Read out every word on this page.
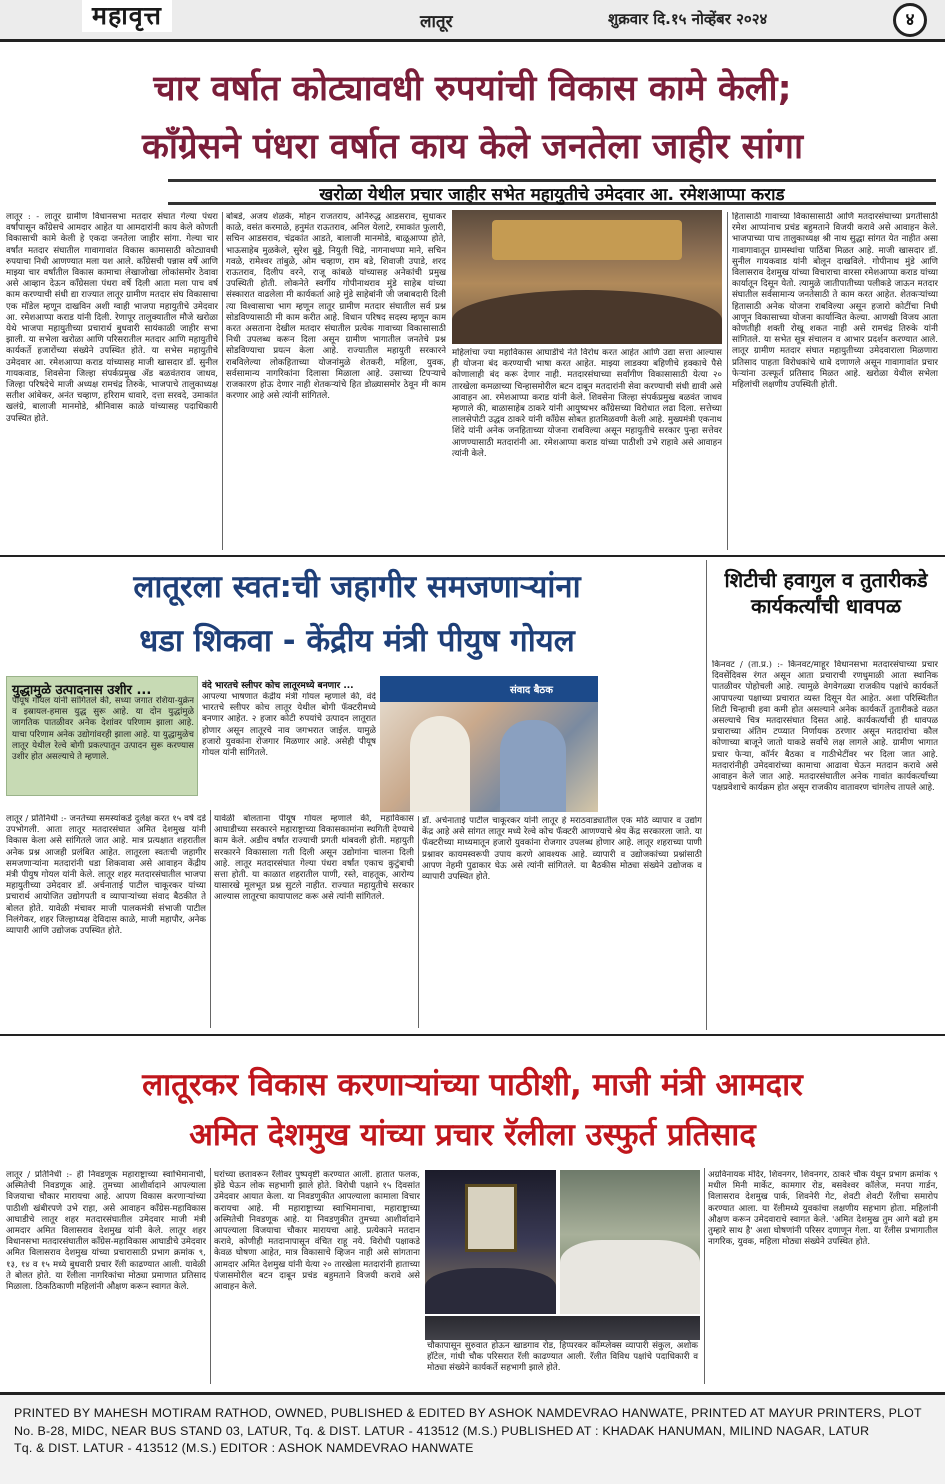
महावृत्त	लातूर	शुक्रवार दि.१५ नोव्हेंबर २०२४	४
चार वर्षात कोट्यावधी रुपयांची विकास कामे केली;
काँग्रेसने पंधरा वर्षात काय केले जनतेला जाहीर सांगा
खरोळा येथील प्रचार जाहीर सभेत महायुतीचे उमेदवार आ. रमेशआप्पा कराड
लातूर : - लातूर ग्रामीण विधानसभा मतदार संघात गेल्या पंधरा वर्षांपासून काँग्रेसचे आमदार आहेत या आमदारांनी काय केले कोणती विकासाची कामे केली हे एकदा जनतेला जाहीर सांगा. गेल्या चार वर्षांत मतदार संघातील गावागावांत विकास कामासाठी कोट्यावधी रुपयाचा निधी आणण्यात मला यश आले. काँग्रेसची पन्नास वर्षे आणि माझ्या चार वर्षांतील विकास कामाचा लेखाजोखा लोकांसमोर ठेवावा असे आव्हान देऊन काँग्रेसला पंधरा वर्षे दिली आता मला पाच वर्ष काम करण्याची संधी द्या राज्यात लातूर ग्रामीण मतदार संघ विकासाचा एक मॉडेल म्हणून दाखविन अशी ग्वाही भाजपा महायुतीचे उमेदवार आ. रमेशआप्पा कराड यांनी दिली. रेणापूर तालुक्यातील मौजे खरोळा येथे भाजपा महायुतीच्या प्रचारार्थ बुधवारी सायंकाळी जाहीर सभा झाली. या सभेला खरोळा आणि परिसरातील मतदार आणि महायुतीचे कार्यकर्ते हजारोंच्या संख्येने उपस्थित होते. या सभेस महायुतीचे उमेदवार आ. रमेशआप्पा कराड यांच्यासह माजी खासदार डॉ. सुनील गायकवाड, शिवसेना जिल्हा संपर्कप्रमुख ॲड बळवंतराव जाधव, जिल्हा परिषदेचे माजी अध्यक्ष रामचंद्र तिरुके, भाजपाचे तालुकाध्यक्ष सतीश आंबेकर, अनंत चव्हाण, हरिराम धावारे, दत्ता सरवदे, उमाकांत खलंग्रे, बालाजी मानमोडे, श्रीनिवास काळे यांच्यासह पदाधिकारी उपस्थित होते.
बोबडे, अजय शेळके, मोहन राजतराय, अनिरुद्ध आडसराव, सुधाकर काळे, वसंत करमाळे, हनुमंत राऊतराव, अनिल येलाटे, रमाकांत फुलारी, सचिन आडसराव, चंद्रकांत आडते, बालाजी मानमोडे, बाळूआप्पा होते, भाऊसाहेब मुळकेले, सुरेश बुड्डे, नियुती चिद्रे, नागनाथप्पा माने, सचिन गवळे, रामेश्वर तांबुळे, ओम चव्हाण, राम बडे, शिवाजी उपाडे, शरद राऊतराव, दिलीप वरने, राजू कांबळे यांच्यासह अनेकांची प्रमुख उपस्थिती होती. लोकनेते स्वर्गीय गोपीनाथराव मुंडे साहेब यांच्या संस्कारात वाढलेला मी कार्यकर्ता आहे मुंडे साहेबांनी जी जबाबदारी दिली त्या विश्वासाचा भाग म्हणून लातूर ग्रामीण मतदार संघातील सर्व प्रश्न सोडविण्यासाठी मी काम करीत आहे. विधान परिषद सदस्य म्हणून काम करत असताना देखील मतदार संघातील प्रत्येक गावाच्या विकासासाठी निधी उपलब्ध करून दिला असून ग्रामीण भागातील जनतेचे प्रश्न सोडविण्याचा प्रयत्न केला आहे. राज्यातील महायुती सरकारने राबविलेल्या लोकहिताच्या योजनांमुळे शेतकरी, महिला, युवक, सर्वसामान्य नागरिकांना दिलासा मिळाला आहे. उसाच्या टिपऱ्याचे राजकारण हाेऊ देणार नाही शेतकऱ्यांचे हित डोळ्यासमोर ठेवून मी काम करणार आहे असे त्यांनी सांगितले.
महिलांचा ज्या महाविकास आघाडीचे नेते विरोध करत आहेत आणि उद्या सत्ता आल्यास ही योजना बंद करण्याची भाषा करत आहेत. माझ्या लाडक्या बहिणीचे हक्काचे पैसे कोणालाही बंद करू देणार नाही. मतदारसंघाच्या सर्वांगीण विकासासाठी येत्या २० तारखेला कमळाच्या चिन्हासमोरील बटन दाबून मतदारांनी सेवा करण्याची संधी द्यावी असे आवाहन आ. रमेशआप्पा कराड यांनी केले. शिवसेना जिल्हा संपर्कप्रमुख बळवंत जाधव म्हणाले की, बाळासाहेब ठाकरे यांनी आयुष्यभर काँग्रेसच्या विरोधात लढा दिला. सत्तेच्या लालसेपोटी उद्धव ठाकरे यांनी काँग्रेस सोबत हातमिळवणी केली आहे. मुख्यमंत्री एकनाथ शिंदे यांनी अनेक जनहिताच्या योजना राबविल्या असून महायुतीचे सरकार पुन्हा सत्तेवर आणण्यासाठी मतदारांनी आ. रमेशआप्पा कराड यांच्या पाठीशी उभे राहावे असे आवाहन त्यांनी केले.
हितासाठी गावाच्या विकासासाठी आणि मतदारसंघाच्या प्रगतीसाठी रमेश आप्पांनाच प्रचंड बहुमताने विजयी करावे असे आवाहन केले. भाजपाच्या पाच तालुकाध्यक्ष श्री नाथ सुद्धा सांगत येत नाहीत असा गावागावातून ग्रामस्थांचा पाठिंबा मिळत आहे. माजी खासदार डॉ. सुनील गायकवाड यांनी बोलून दाखविले. गोपीनाथ मुंडे आणि विलासराव देशमुख यांच्या विचाराचा वारसा रमेशआप्पा कराड यांच्या कार्यातून दिसून येतो. त्यामुळे जातीपातीच्या पलीकडे जाऊन मतदार संघातील सर्वसामान्य जनतेसाठी ते काम करत आहेत. शेतकऱ्यांच्या हितासाठी अनेक योजना राबविल्या असून हजारो कोटींचा निधी आणून विकासाच्या योजना कार्यान्वित केल्या. आणखी विजय आता कोणतीही शक्ती रोखू शकत नाही असे रामचंद्र तिरुके यांनी सांगितले. या सभेत सूत्र संचालन व आभार प्रदर्शन करण्यात आले. लातूर ग्रामीण मतदार संघात महायुतीच्या उमेदवाराला मिळणारा प्रतिसाद पाहता विरोधकांचे धाबे दणाणले असून गावागावांत प्रचार फेऱ्यांना उत्स्फूर्त प्रतिसाद मिळत आहे. खरोळा येथील सभेला महिलांची लक्षणीय उपस्थिती होती.
लातूरला स्वत:ची जहागीर समजणाऱ्यांना
धडा शिकवा - केंद्रीय मंत्री पीयुष गोयल
शिटीची हवागुल व तुतारीकडे कार्यकर्त्यांची धावपळ
किनवट / (ता.प्र.) :- किनवट/माहूर विधानसभा मतदारसंघाच्या प्रचार दिवसेंदिवस रंगत असून आता प्रचाराची रणधुमाळी आता स्थानिक पातळीवर पोहोचली आहे. त्यामुळे वेगवेगळ्या राजकीय पक्षांचे कार्यकर्ते आपापल्या पक्षाच्या प्रचारात व्यस्त दिसून येत आहेत. अशा परिस्थितीत शिटी चिन्हाची हवा कमी होत असल्याने अनेक कार्यकर्ते तुतारीकडे वळत असल्याचे चित्र मतदारसंघात दिसत आहे. कार्यकर्त्यांची ही धावपळ प्रचाराच्या अंतिम टप्प्यात निर्णायक ठरणार असून मतदारांचा कौल कोणाच्या बाजूने जातो याकडे सर्वांचे लक्ष लागले आहे. ग्रामीण भागात प्रचार फेऱ्या, कॉर्नर बैठका व गाठीभेटींवर भर दिला जात आहे. मतदारांनीही उमेदवारांच्या कामाचा आढावा घेऊन मतदान करावे असे आवाहन केले जात आहे. मतदारसंघातील अनेक गावांत कार्यकर्त्यांच्या पक्षप्रवेशाचे कार्यक्रम होत असून राजकीय वातावरण चांगलेच तापले आहे.
युद्धामुळे उत्पादनास उशीर ...
पीयूष गोयल यांनी सांगितले की, सध्या जगात रशिया-युक्रेन व इस्रायल-हमास युद्ध सुरू आहे. या दोन युद्धांमुळे जागतिक पातळीवर अनेक देशांवर परिणाम झाला आहे. याचा परिणाम अनेक उद्योगांवरही झाला आहे. या युद्धामुळेच लातूर येथील रेल्वे बोगी प्रकल्पातून उत्पादन सुरू करण्यास उशीर होत असल्याचे ते म्हणाले.
वंदे भारतचे स्लीपर कोच लातूरमध्ये बनणार ...
आपल्या भाषणात केंद्रीय मंत्री गोयल म्हणाले की, वंदे भारतचे स्लीपर कोच लातूर येथील बोगी फॅक्टरीमध्ये बनणार आहेत. २ हजार कोटी रुपयांचे उत्पादन लातूरात होणार असून लातूरचे नाव जगभरात जाईल. यामुळे हजारो युवकांना रोजगार मिळणार आहे. असेही पीयूष गोयल यांनी सांगितले.
संवाद बैठक
लातूर / प्रतिनिधी :- जनतेच्या समस्यांकडे दुर्लक्ष करत १५ वर्ष दडे उपभोगली. आता लातूर मतदारसंघात अमित देशमुख यांनी विकास केला असे सांगितले जात आहे. मात्र प्रत्यक्षात शहरातील अनेक प्रश्न आजही प्रलंबित आहेत. लातूरला स्वतःची जहागीर समजणाऱ्यांना मतदारांनी धडा शिकवावा असे आवाहन केंद्रीय मंत्री पीयुष गोयल यांनी केले. लातूर शहर मतदारसंघातील भाजपा महायुतीच्या उमेदवार डॉ. अर्चनाताई पाटील चाकूरकर यांच्या प्रचारार्थ आयोजित उद्योगपती व व्यापाऱ्यांच्या संवाद बैठकीत ते बोलत होते. यावेळी मंचावर माजी पालकमंत्री संभाजी पाटील निलंगेकर, शहर जिल्हाध्यक्ष देविदास काळे, माजी महापौर, अनेक व्यापारी आणि उद्योजक उपस्थित होते.
यावेळी बोलताना पीयूष गोयल म्हणाले की, महाविकास आघाडीच्या सरकारने महाराष्ट्राच्या विकासकामांना स्थगिती देण्याचे काम केले. अडीच वर्षांत राज्याची प्रगती थांबवली होती. महायुती सरकारने विकासाला गती दिली असून उद्योगांना चालना दिली आहे. लातूर मतदारसंघात गेल्या पंधरा वर्षांत एकाच कुटुंबाची सत्ता होती. या काळात शहरातील पाणी, रस्ते, वाहतूक, आरोग्य यासारखे मूलभूत प्रश्न सुटले नाहीत. राज्यात महायुतीचे सरकार आल्यास लातूरचा कायापालट करू असे त्यांनी सांगितले.
डॉ. अर्चनाताई पाटील चाकूरकर यांनी लातूर हे मराठवाड्यातील एक मोठे व्यापार व उद्योग केंद्र आहे असे सांगत लातूर मध्ये रेल्वे कोच फॅक्टरी आणण्याचे श्रेय केंद्र सरकारला जाते. या फॅक्टरीच्या माध्यमातून हजारो युवकांना रोजगार उपलब्ध होणार आहे. लातूर शहराच्या पाणी प्रश्नावर कायमस्वरूपी उपाय करणे आवश्यक आहे. व्यापारी व उद्योजकांच्या प्रश्नांसाठी आपण नेहमी पुढाकार घेऊ असे त्यांनी सांगितले. या बैठकीस मोठ्या संख्येने उद्योजक व व्यापारी उपस्थित होते.
लातूरकर विकास करणाऱ्यांच्या पाठीशी, माजी मंत्री आमदार
अमित देशमुख यांच्या प्रचार रॅलीला उस्फुर्त प्रतिसाद
लातूर / प्रतिनिधी :- ही निवडणूक महाराष्ट्राच्या स्वाभिमानाची, अस्मितेची निवडणूक आहे. तुमच्या आशीर्वादाने आपल्याला विजयाचा चौकार मारायचा आहे. आपण विकास करणाऱ्यांच्या पाठीशी खंबीरपणे उभे राहा, असे आवाहन काँग्रेस-महाविकास आघाडीचे लातूर शहर मतदारसंघातील उमेदवार माजी मंत्री आमदार अमित विलासराव देशमुख यांनी केले. लातूर शहर विधानसभा मतदारसंघातील काँग्रेस-महाविकास आघाडीचे उमेदवार अमित विलासराव देशमुख यांच्या प्रचारासाठी प्रभाग क्रमांक ९, १३, १४ व १५ मध्ये बुधवारी प्रचार रॅली काढण्यात आली. यावेळी ते बोलत होते. या रॅलीला नागरिकांचा मोठ्या प्रमाणात प्रतिसाद मिळाला. ठिकठिकाणी महिलांनी औक्षण करून स्वागत केले.
घरांच्या छतावरून रॅलीवर पुष्पवृष्टी करण्यात आली. हातात फलक, झेंडे घेऊन लोक सहभागी झाले होते. विरोधी पक्षाने १५ दिवसांत उमेदवार आयात केला. या निवडणुकीत आपल्याला कामाला विचार करायचा आहे. मी महाराष्ट्राच्या स्वाभिमानाचा, महाराष्ट्राच्या अस्मितेची निवडणूक आहे. या निवडणुकीत तुमच्या आशीर्वादाने आपल्याला विजयाचा चौकार मारायचा आहे. प्रत्येकाने मतदान करावे, कोणीही मतदानापासून वंचित राहू नये. विरोधी पक्षाकडे केवळ घोषणा आहेत, मात्र विकासाचे व्हिजन नाही असे सांगताना आमदार अमित देशमुख यांनी येत्या २० तारखेला मतदारांनी हाताच्या पंजासमोरील बटन दाबून प्रचंड बहुमताने विजयी करावे असे आवाहन केले.
अग्रविनायक मंदिर, शिवनगर, शिवनगर, ठाकरे चौक येथून प्रभाग क्रमांक ९ मधील मिनी मार्केट, कामगार रोड, बसवेश्वर कॉलेज, मनपा गार्डन, विलासराव देशमुख पार्क, शिवनेरी गेट, शेवटी शेवटी रॅलीचा समारोप करण्यात आला. या रॅलीमध्ये युवकांचा लक्षणीय सहभाग होता. महिलांनी औक्षण करून उमेदवाराचे स्वागत केले. 'अमित देशमुख तुम आगे बढो हम तुम्हारे साथ है' अशा घोषणांनी परिसर दणाणून गेला. या रॅलीस प्रभागातील नागरिक, युवक, महिला मोठ्या संख्येने उपस्थित होते.
PRINTED BY MAHESH MOTIRAM RATHOD, OWNED, PUBLISHED & EDITED BY ASHOK NAMDEVRAO HANWATE, PRINTED AT MAYUR PRINTERS, PLOT
No. B-28, MIDC, NEAR BUS STAND 03, LATUR, Tq. & DIST. LATUR - 413512 (M.S.) PUBLISHED AT : KHADAK HANUMAN, MILIND NAGAR, LATUR
Tq. & DIST. LATUR - 413512 (M.S.) EDITOR : ASHOK NAMDEVRAO HANWATE
चौकापासून सुरुवात होऊन खाडगाव रोड, हिप्परकर कॉम्प्लेक्स व्यापारी संकुल, अशोक हॉटेल, गांधी चौक परिसरात रॅली काढण्यात आली. रॅलीत विविध पक्षांचे पदाधिकारी व मोठ्या संख्येने कार्यकर्ते सहभागी झाले होते.
